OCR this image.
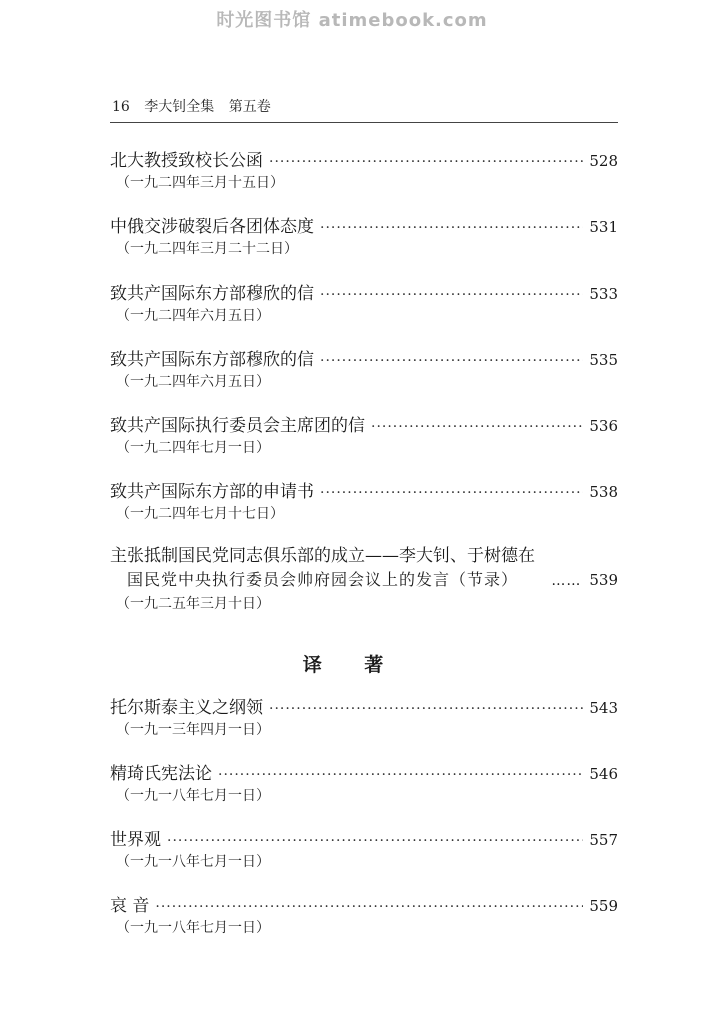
时光图书馆 atimebook.com
16 李大钊全集 第五卷
北大教授致校长公函 ·····	528
（一九二四年三月十五日）
中俄交涉破裂后各团体态度 ·····	531
（一九二四年三月二十二日）
致共产国际东方部穆欣的信 ·····	533
（一九二四年六月五日）
致共产国际东方部穆欣的信 ·····	535
（一九二四年六月五日）
致共产国际执行委员会主席团的信 ·····	536
（一九二四年七月一日）
致共产国际东方部的申请书 ·····	538
（一九二四年七月十七日）
主张抵制国民党同志俱乐部的成立——李大钊、于树德在
国民党中央执行委员会帅府园会议上的发言（节录） …… 539
（一九二五年三月十日）
译 著
托尔斯泰主义之纲领 ·····	543
（一九一三年四月一日）
精琦氏宪法论 ·····	546
（一九一八年七月一日）
世界观 ·····	557
（一九一八年七月一日）
哀 音 ·····	559
（一九一八年七月一日）
